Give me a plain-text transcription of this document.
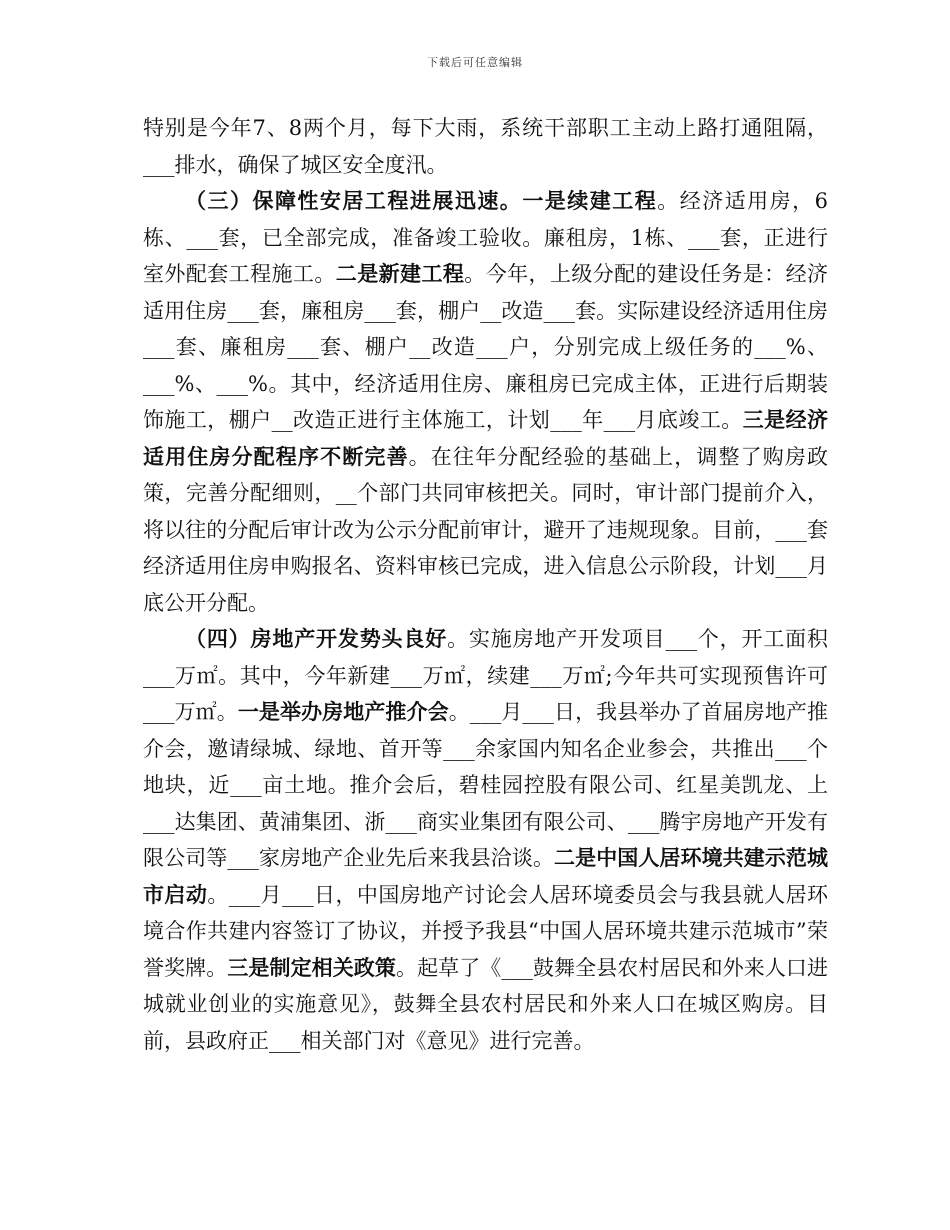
下载后可任意编辑

特别是今年7、8两个月，每下大雨，系统干部职工主动上路打通阻隔，___排水，确保了城区安全度汛。

（三）保障性安居工程进展迅速。一是续建工程。经济适用房，6栋、___套，已全部完成，准备竣工验收。廉租房，1栋、___套，正进行室外配套工程施工。二是新建工程。今年，上级分配的建设任务是：经济适用住房___套，廉租房___套，棚户__改造___套。实际建设经济适用住房___套、廉租房___套、棚户__改造___户，分别完成上级任务的___%、___%、___%。其中，经济适用住房、廉租房已完成主体，正进行后期装饰施工，棚户__改造正进行主体施工，计划___年___月底竣工。三是经济适用住房分配程序不断完善。在往年分配经验的基础上，调整了购房政策，完善分配细则，__个部门共同审核把关。同时，审计部门提前介入，将以往的分配后审计改为公示分配前审计，避开了违规现象。目前，___套经济适用住房申购报名、资料审核已完成，进入信息公示阶段，计划___月底公开分配。

（四）房地产开发势头良好。实施房地产开发项目___个，开工面积___万㎡。其中，今年新建___万㎡，续建___万㎡;今年共可实现预售许可___万㎡。一是举办房地产推介会。___月___日，我县举办了首届房地产推介会，邀请绿城、绿地、首开等___余家国内知名企业参会，共推出___个地块，近___亩土地。推介会后，碧桂园控股有限公司、红星美凯龙、上___达集团、黄浦集团、浙___商实业集团有限公司、___腾宇房地产开发有限公司等___家房地产企业先后来我县洽谈。二是中国人居环境共建示范城市启动。___月___日，中国房地产讨论会人居环境委员会与我县就人居环境合作共建内容签订了协议，并授予我县“中国人居环境共建示范城市”荣誉奖牌。三是制定相关政策。起草了《___鼓舞全县农村居民和外来人口进城就业创业的实施意见》，鼓舞全县农村居民和外来人口在城区购房。目前，县政府正___相关部门对《意见》进行完善。
